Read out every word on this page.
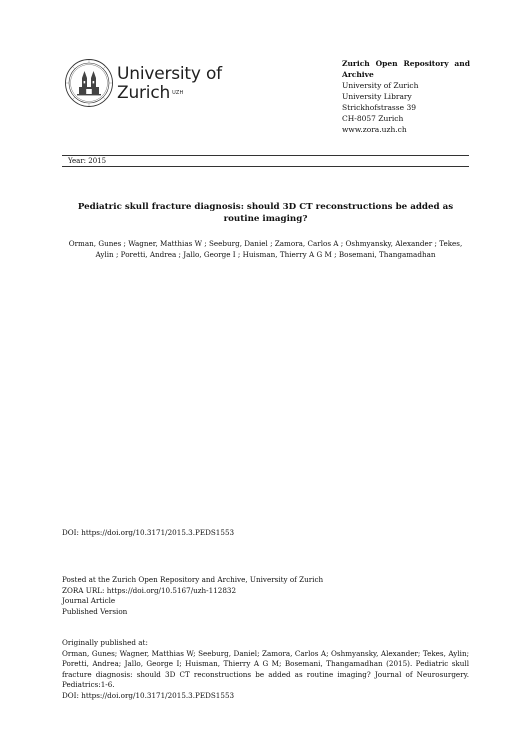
University of
Zurich $^{UZH}$
Zurich Open Repository and Archive
University of Zurich
University Library
Strickhofstrasse 39
CH-8057 Zurich
www.zora.uzh.ch
Year: 2015
Pediatric skull fracture diagnosis: should 3D CT reconstructions be added as routine imaging?
Orman, Gunes ; Wagner, Matthias W ; Seeburg, Daniel ; Zamora, Carlos A ; Oshmyansky, Alexander ; Tekes, Aylin ; Poretti, Andrea ; Jallo, George I ; Huisman, Thierry A G M ; Bosemani, Thangamadhan
DOI: https://doi.org/10.3171/2015.3.PEDS1553
Posted at the Zurich Open Repository and Archive, University of Zurich
ZORA URL: https://doi.org/10.5167/uzh-112832
Journal Article
Published Version
Originally published at:
Orman, Gunes; Wagner, Matthias W; Seeburg, Daniel; Zamora, Carlos A; Oshmyansky, Alexander; Tekes, Aylin; Poretti, Andrea; Jallo, George I; Huisman, Thierry A G M; Bosemani, Thangamadhan (2015). Pediatric skull fracture diagnosis: should 3D CT reconstructions be added as routine imaging? Journal of Neurosurgery. Pediatrics:1-6.
DOI: https://doi.org/10.3171/2015.3.PEDS1553
